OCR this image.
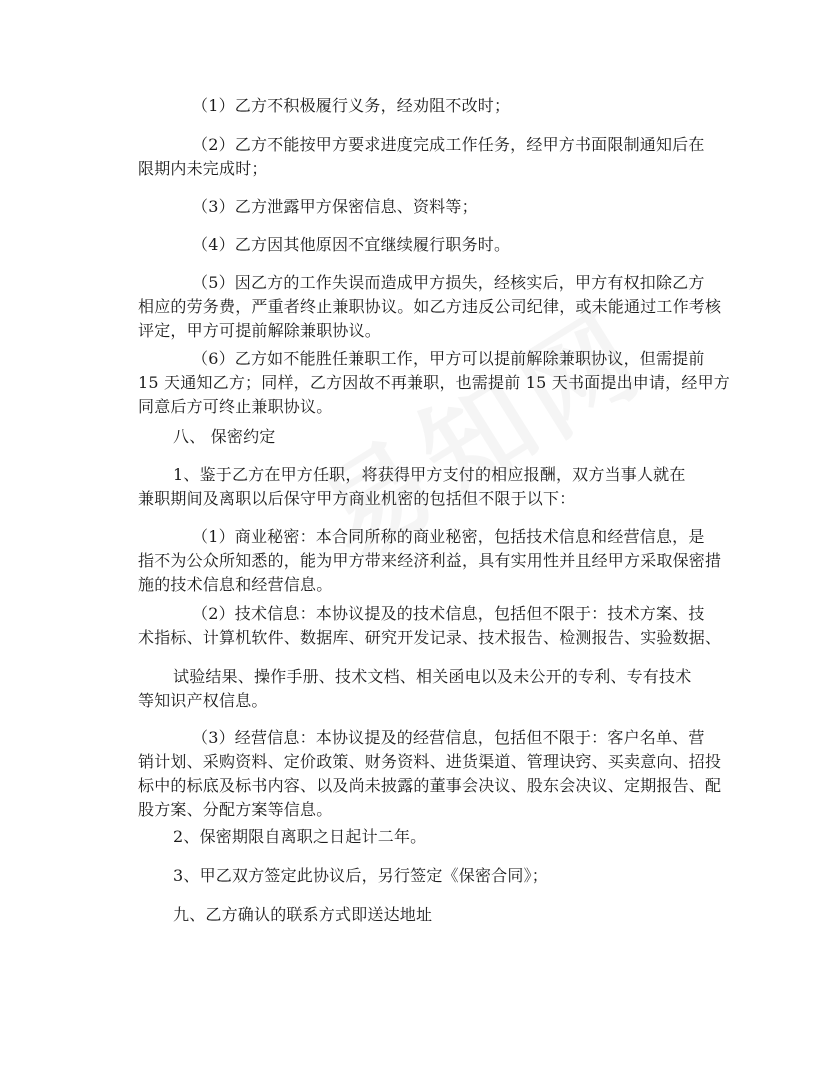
（1）乙方不积极履行义务，经劝阻不改时；

（2）乙方不能按甲方要求进度完成工作任务，经甲方书面限制通知后在
限期内未完成时；

（3）乙方泄露甲方保密信息、资料等；

（4）乙方因其他原因不宜继续履行职务时。

（5）因乙方的工作失误而造成甲方损失，经核实后，甲方有权扣除乙方
相应的劳务费，严重者终止兼职协议。如乙方违反公司纪律，或未能通过工作考核
评定，甲方可提前解除兼职协议。

（6）乙方如不能胜任兼职工作，甲方可以提前解除兼职协议，但需提前
15 天通知乙方；同样，乙方因故不再兼职，也需提前 15 天书面提出申请，经甲方
同意后方可终止兼职协议。

八、 保密约定

1、鉴于乙方在甲方任职，将获得甲方支付的相应报酬，双方当事人就在
兼职期间及离职以后保守甲方商业机密的包括但不限于以下：

（1）商业秘密：本合同所称的商业秘密，包括技术信息和经营信息，是
指不为公众所知悉的，能为甲方带来经济利益，具有实用性并且经甲方采取保密措
施的技术信息和经营信息。

（2）技术信息：本协议提及的技术信息，包括但不限于：技术方案、技
术指标、计算机软件、数据库、研究开发记录、技术报告、检测报告、实验数据、

试验结果、操作手册、技术文档、相关函电以及未公开的专利、专有技术
等知识产权信息。

（3）经营信息：本协议提及的经营信息，包括但不限于：客户名单、营
销计划、采购资料、定价政策、财务资料、进货渠道、管理诀窍、买卖意向、招投
标中的标底及标书内容、以及尚未披露的董事会决议、股东会决议、定期报告、配
股方案、分配方案等信息。

2、保密期限自离职之日起计二年。

3、甲乙双方签定此协议后，另行签定《保密合同》；

九、乙方确认的联系方式即送达地址
